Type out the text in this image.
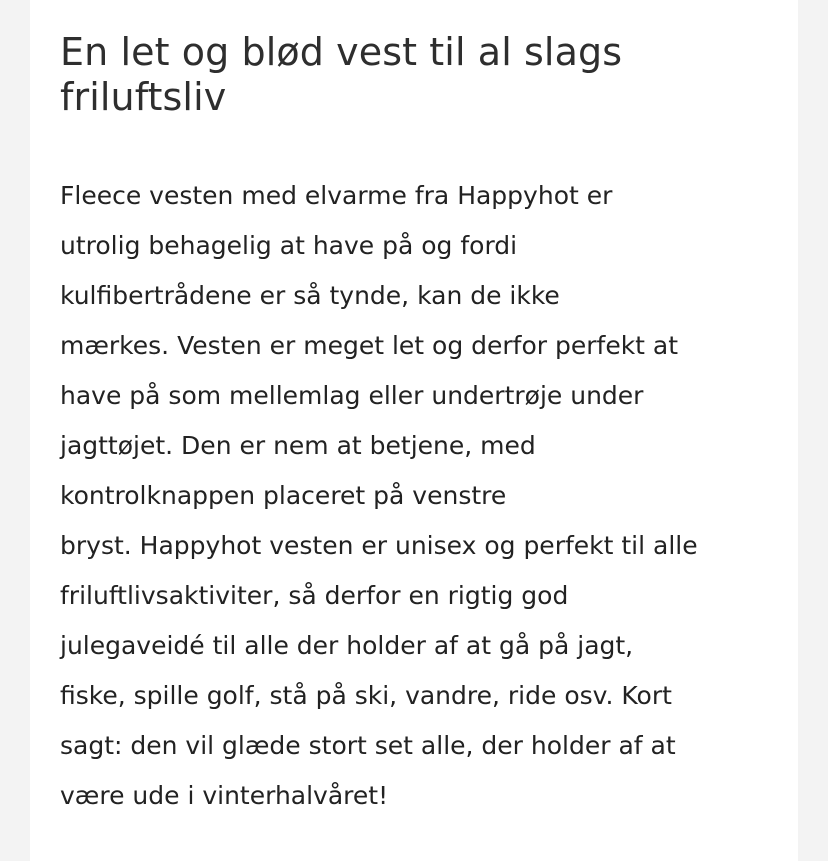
En let og blød vest til al slags
friluftsliv

Fleece vesten med elvarme fra Happyhot er
utrolig behagelig at have på og fordi
kulfibertrådene er så tynde, kan de ikke
mærkes. Vesten er meget let og derfor perfekt at
have på som mellemlag eller undertrøje under
jagttøjet. Den er nem at betjene, med
kontrolknappen placeret på venstre
bryst. Happyhot vesten er unisex og perfekt til alle
friluftlivsaktiviter, så derfor en rigtig god
julegaveidé til alle der holder af at gå på jagt,
fiske, spille golf, stå på ski, vandre, ride osv. Kort
sagt: den vil glæde stort set alle, der holder af at
være ude i vinterhalvåret!
